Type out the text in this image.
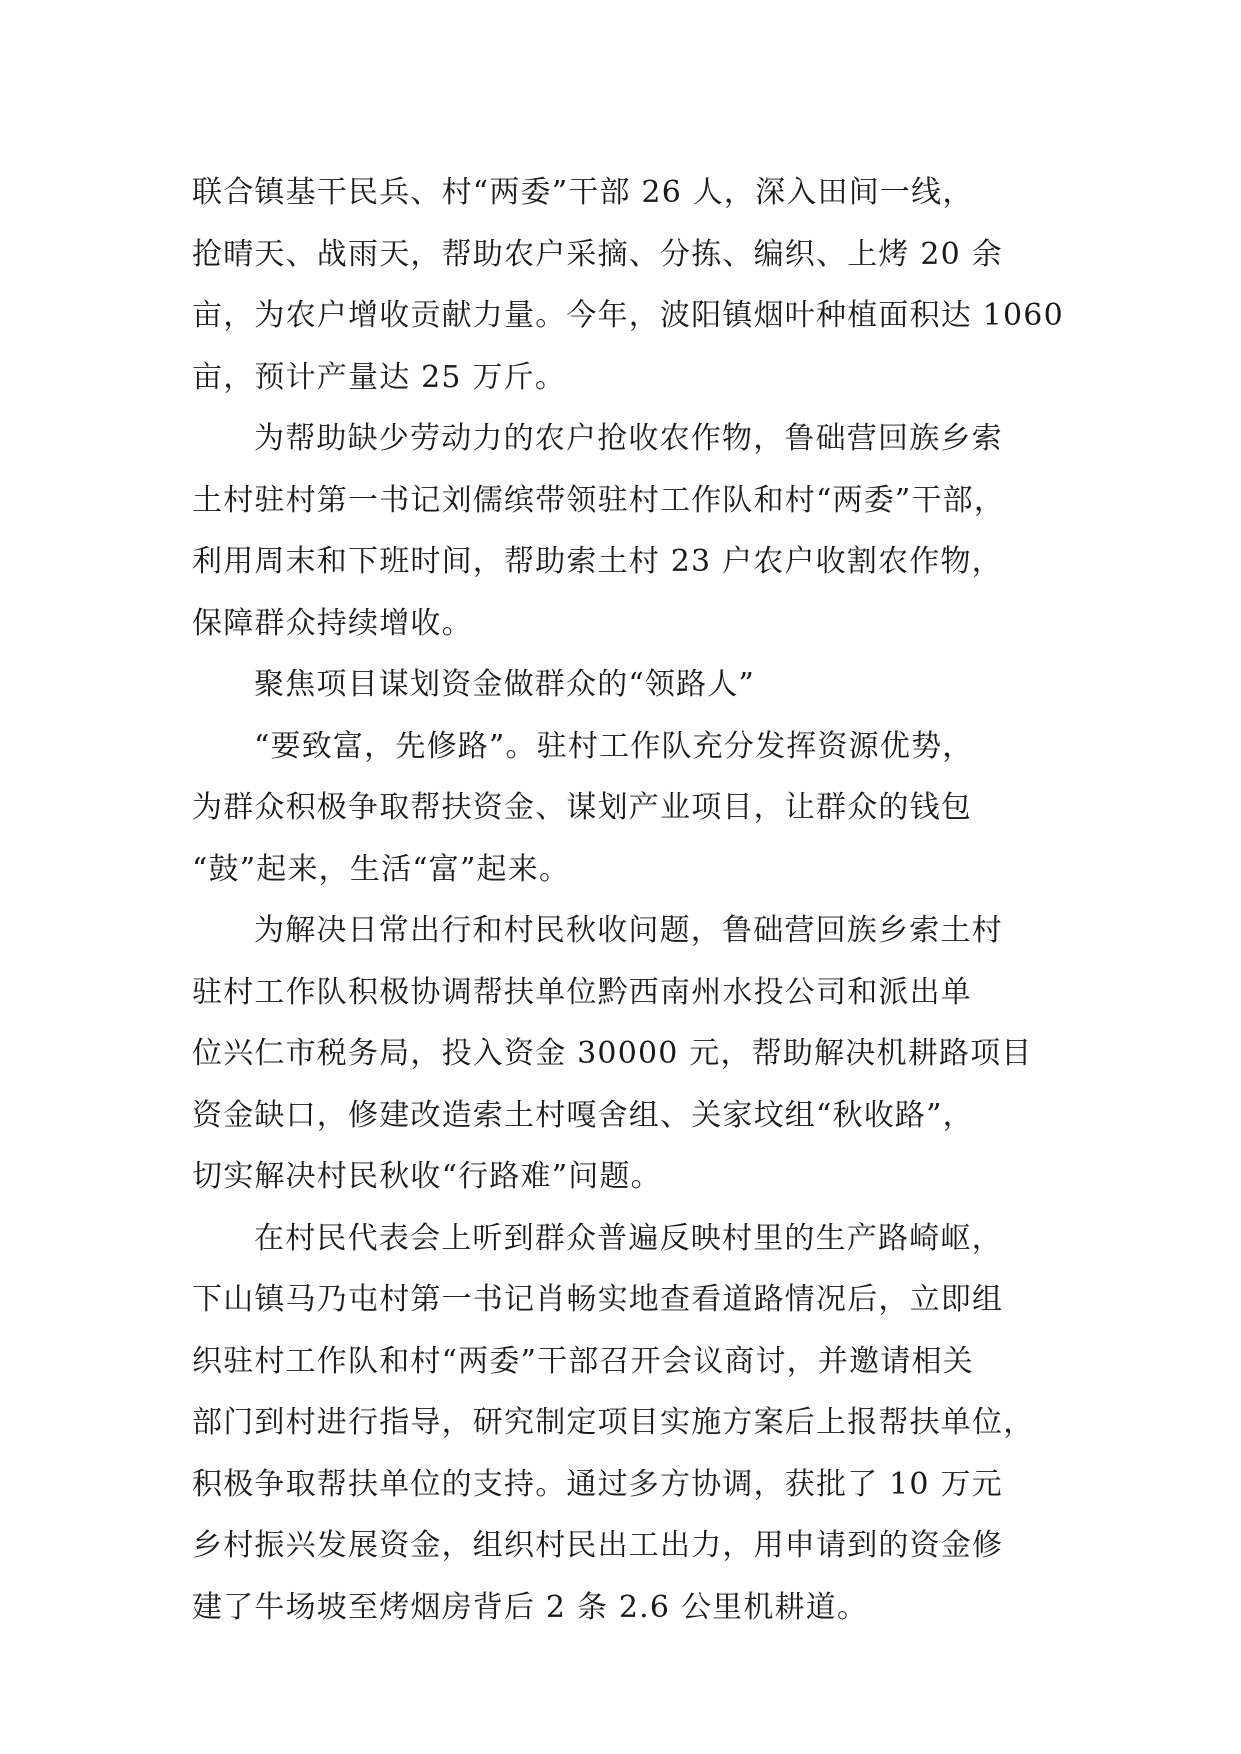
联合镇基干民兵、村“两委”干部 26 人，深入田间一线，
抢晴天、战雨天，帮助农户采摘、分拣、编织、上烤 20 余
亩，为农户增收贡献力量。今年，波阳镇烟叶种植面积达 1060
亩，预计产量达 25 万斤。

为帮助缺少劳动力的农户抢收农作物，鲁础营回族乡索
土村驻村第一书记刘儒缤带领驻村工作队和村“两委”干部，
利用周末和下班时间，帮助索土村 23 户农户收割农作物，
保障群众持续增收。

聚焦项目谋划资金做群众的“领路人”

“要致富，先修路”。驻村工作队充分发挥资源优势，
为群众积极争取帮扶资金、谋划产业项目，让群众的钱包
“鼓”起来，生活“富”起来。

为解决日常出行和村民秋收问题，鲁础营回族乡索土村
驻村工作队积极协调帮扶单位黔西南州水投公司和派出单
位兴仁市税务局，投入资金 30000 元，帮助解决机耕路项目
资金缺口，修建改造索土村嘎舍组、关家坟组“秋收路”，
切实解决村民秋收“行路难”问题。

在村民代表会上听到群众普遍反映村里的生产路崎岖，
下山镇马乃屯村第一书记肖畅实地查看道路情况后，立即组
织驻村工作队和村“两委”干部召开会议商讨，并邀请相关
部门到村进行指导，研究制定项目实施方案后上报帮扶单位，
积极争取帮扶单位的支持。通过多方协调，获批了 10 万元
乡村振兴发展资金，组织村民出工出力，用申请到的资金修
建了牛场坡至烤烟房背后 2 条 2.6 公里机耕道。
